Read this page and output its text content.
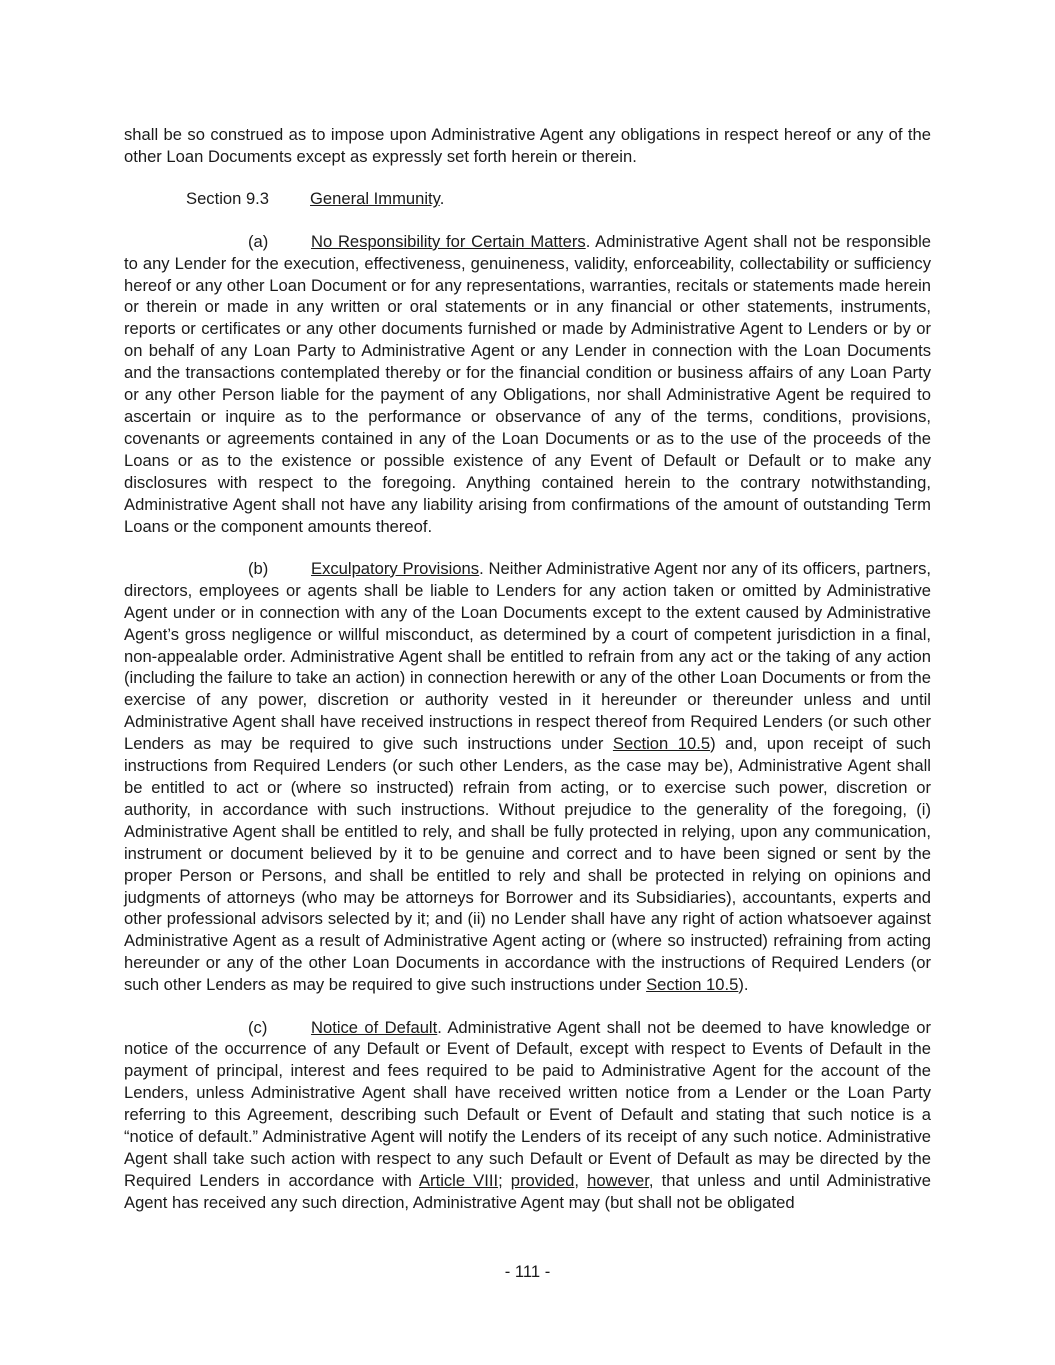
shall be so construed as to impose upon Administrative Agent any obligations in respect hereof or any of the other Loan Documents except as expressly set forth herein or therein.

Section 9.3 General Immunity.

(a)	No Responsibility for Certain Matters. Administrative Agent shall not be responsible to any Lender for the execution, effectiveness, genuineness, validity, enforceability, collectability or sufficiency hereof or any other Loan Document or for any representations, warranties, recitals or statements made herein or therein or made in any written or oral statements or in any financial or other statements, instruments, reports or certificates or any other documents furnished or made by Administrative Agent to Lenders or by or on behalf of any Loan Party to Administrative Agent or any Lender in connection with the Loan Documents and the transactions contemplated thereby or for the financial condition or business affairs of any Loan Party or any other Person liable for the payment of any Obligations, nor shall Administrative Agent be required to ascertain or inquire as to the performance or observance of any of the terms, conditions, provisions, covenants or agreements contained in any of the Loan Documents or as to the use of the proceeds of the Loans or as to the existence or possible existence of any Event of Default or Default or to make any disclosures with respect to the foregoing. Anything contained herein to the contrary notwithstanding, Administrative Agent shall not have any liability arising from confirmations of the amount of outstanding Term Loans or the component amounts thereof.

(b)	Exculpatory Provisions. Neither Administrative Agent nor any of its officers, partners, directors, employees or agents shall be liable to Lenders for any action taken or omitted by Administrative Agent under or in connection with any of the Loan Documents except to the extent caused by Administrative Agent’s gross negligence or willful misconduct, as determined by a court of competent jurisdiction in a final, non-appealable order. Administrative Agent shall be entitled to refrain from any act or the taking of any action (including the failure to take an action) in connection herewith or any of the other Loan Documents or from the exercise of any power, discretion or authority vested in it hereunder or thereunder unless and until Administrative Agent shall have received instructions in respect thereof from Required Lenders (or such other Lenders as may be required to give such instructions under Section 10.5) and, upon receipt of such instructions from Required Lenders (or such other Lenders, as the case may be), Administrative Agent shall be entitled to act or (where so instructed) refrain from acting, or to exercise such power, discretion or authority, in accordance with such instructions. Without prejudice to the generality of the foregoing, (i) Administrative Agent shall be entitled to rely, and shall be fully protected in relying, upon any communication, instrument or document believed by it to be genuine and correct and to have been signed or sent by the proper Person or Persons, and shall be entitled to rely and shall be protected in relying on opinions and judgments of attorneys (who may be attorneys for Borrower and its Subsidiaries), accountants, experts and other professional advisors selected by it; and (ii) no Lender shall have any right of action whatsoever against Administrative Agent as a result of Administrative Agent acting or (where so instructed) refraining from acting hereunder or any of the other Loan Documents in accordance with the instructions of Required Lenders (or such other Lenders as may be required to give such instructions under Section 10.5).

(c)	Notice of Default. Administrative Agent shall not be deemed to have knowledge or notice of the occurrence of any Default or Event of Default, except with respect to Events of Default in the payment of principal, interest and fees required to be paid to Administrative Agent for the account of the Lenders, unless Administrative Agent shall have received written notice from a Lender or the Loan Party referring to this Agreement, describing such Default or Event of Default and stating that such notice is a “notice of default.” Administrative Agent will notify the Lenders of its receipt of any such notice. Administrative Agent shall take such action with respect to any such Default or Event of Default as may be directed by the Required Lenders in accordance with Article VIII; provided, however, that unless and until Administrative Agent has received any such direction, Administrative Agent may (but shall not be obligated

- 111 -
